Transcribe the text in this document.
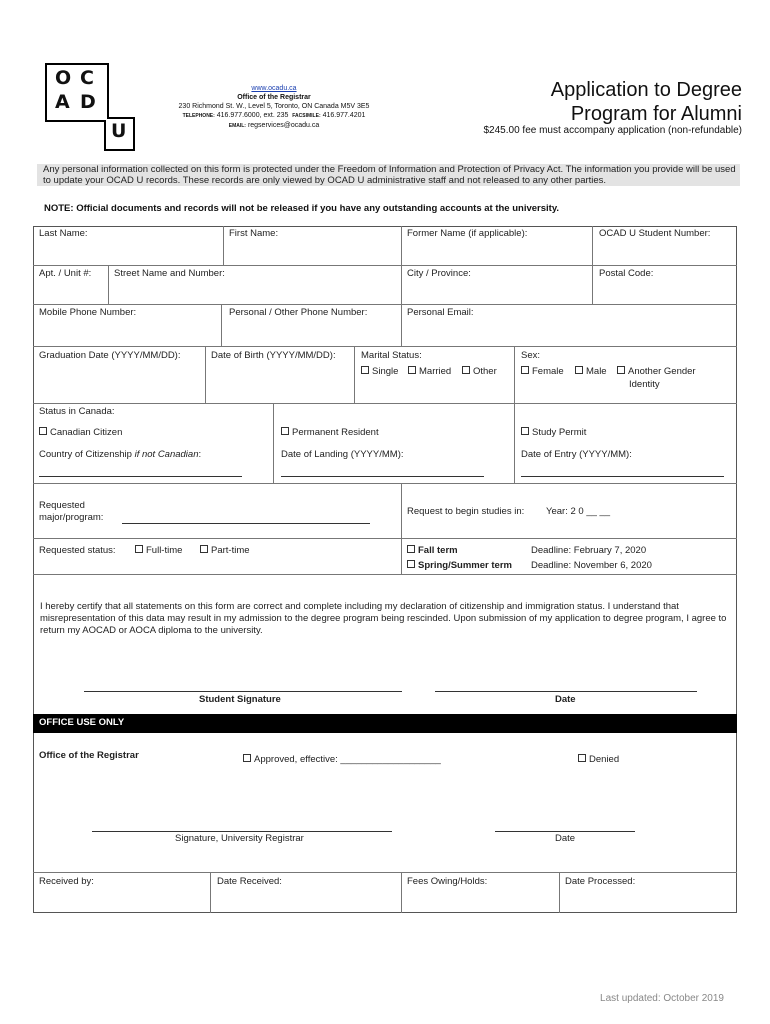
O C
A D
U
www.ocadu.ca
Office of the Registrar
230 Richmond St. W., Level 5, Toronto, ON Canada M5V 3E5
TELEPHONE: 416.977.6000, ext. 235 FACSIMILE: 416.977.4201
EMAIL: regservices@ocadu.ca
Application to Degree
Program for Alumni
$245.00 fee must accompany application (non-refundable)
Any personal information collected on this form is protected under the Freedom of Information and Protection of Privacy Act. The information you provide will be used to update your OCAD U records. These records are only viewed by OCAD U administrative staff and not released to any other parties.
NOTE: Official documents and records will not be released if you have any outstanding accounts at the university.
Last Name:	First Name:	Former Name (if applicable):	OCAD U Student Number:
Apt. / Unit #: Street Name and Number:	City / Province:	Postal Code:
Mobile Phone Number:	Personal / Other Phone Number:	Personal Email:
Graduation Date (YYYY/MM/DD):	Date of Birth (YYYY/MM/DD):	Marital Status:
Single	Married	Other
Sex:
Female	Male	Another Gender
Identity
Status in Canada:
Canadian Citizen	Permanent Resident	Study Permit
Country of Citizenship if not Canadian:	Date of Landing (YYYY/MM):	Date of Entry (YYYY/MM):
Requested
major/program:
Request to begin studies in: Year: 2 0 __ __
Requested status:	Full-time	Part-time	Fall term	Deadline: February 7, 2020
Spring/Summer term Deadline: November 6, 2020
I hereby certify that all statements on this form are correct and complete including my declaration of citizenship and immigration status. I understand that misrepresentation of this data may result in my admission to the degree program being rescinded. Upon submission of my application to degree program, I agree to return my AOCAD or AOCA diploma to the university.
Student Signature	Date
OFFICE USE ONLY
Office of the Registrar	Approved, effective: ___________________	Denied
Signature, University Registrar	Date
Received by:	Date Received:	Fees Owing/Holds:	Date Processed:
Last updated: October 2019
